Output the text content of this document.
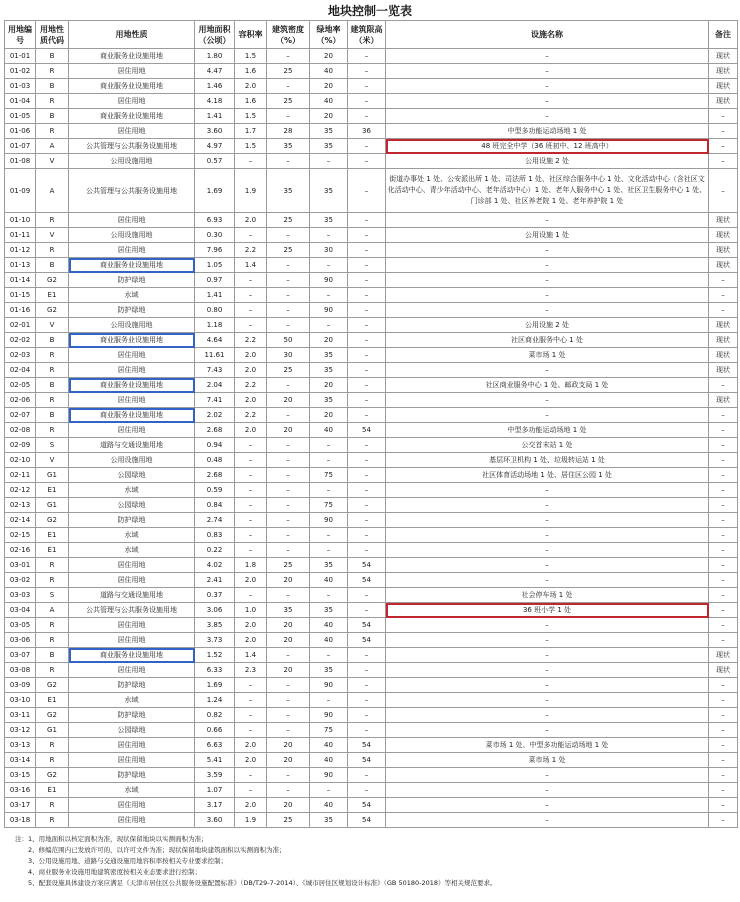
地块控制一览表
用地编号	用地性质代码	用地性质	用地面积（公顷）	容积率	建筑密度（%）	绿地率（%）	建筑限高（米）	设施名称	备注
01-01	B	商业服务业设施用地	1.80	1.5	–	20	–	–	现状
01-02	R	居住用地	4.47	1.6	25	40	–	–	现状
01-03	B	商业服务业设施用地	1.46	2.0	–	20	–	–	现状
01-04	R	居住用地	4.18	1.6	25	40	–	–	现状
01-05	B	商业服务业设施用地	1.41	1.5	–	20	–	–	–
01-06	R	居住用地	3.60	1.7	28	35	36	中型多功能运动场地 1 处	–
01-07	A	公共管理与公共服务设施用地	4.97	1.5	35	35	–	48 班完全中学（36 班初中、12 班高中）	–
01-08	V	公用设施用地	0.57	–	–	–	–	公用设施 2 处	–
01-09	A	公共管理与公共服务设施用地	1.69	1.9	35	35	–	街道办事处 1 处、公安派出所 1 处、司法所 1 处、社区综合服务中心 1 处、文化活动中心（含社区文化活动中心、青少年活动中心、老年活动中心）1 处、老年人服务中心 1 处、社区卫生服务中心 1 处、门诊部 1 处、社区养老院 1 处、老年养护院 1 处	–
01-10	R	居住用地	6.93	2.0	25	35	–	–	现状
01-11	V	公用设施用地	0.30	–	–	–	–	公用设施 1 处	现状
01-12	R	居住用地	7.96	2.2	25	30	–	–	现状
01-13	B	商业服务业设施用地	1.05	1.4	–	–	–	–	现状
01-14	G2	防护绿地	0.97	–	–	90	–	–	–
01-15	E1	水域	1.41	–	–	–	–	–	–
01-16	G2	防护绿地	0.80	–	–	90	–	–	–
02-01	V	公用设施用地	1.18	–	–	–	–	公用设施 2 处	现状
02-02	B	商业服务业设施用地	4.64	2.2	50	20	–	社区商业服务中心 1 处	现状
02-03	R	居住用地	11.61	2.0	30	35	–	菜市场 1 处	现状
02-04	R	居住用地	7.43	2.0	25	35	–	–	现状
02-05	B	商业服务业设施用地	2.04	2.2	–	20	–	社区商业服务中心 1 处、邮政支局 1 处	–
02-06	R	居住用地	7.41	2.0	20	35	–	–	现状
02-07	B	商业服务业设施用地	2.02	2.2	–	20	–	–	–
02-08	R	居住用地	2.68	2.0	20	40	54	中型多功能运动场地 1 处	–
02-09	S	道路与交通设施用地	0.94	–	–	–	–	公交首末站 1 处	–
02-10	V	公用设施用地	0.48	–	–	–	–	基层环卫机构 1 处、垃圾转运站 1 处	–
02-11	G1	公园绿地	2.68	–	–	75	–	社区体育活动场地 1 处、居住区公园 1 处	–
02-12	E1	水域	0.59	–	–	–	–	–	–
02-13	G1	公园绿地	0.84	–	–	75	–	–	–
02-14	G2	防护绿地	2.74	–	–	90	–	–	–
02-15	E1	水域	0.83	–	–	–	–	–	–
02-16	E1	水域	0.22	–	–	–	–	–	–
03-01	R	居住用地	4.02	1.8	25	35	54	–	–
03-02	R	居住用地	2.41	2.0	20	40	54	–	–
03-03	S	道路与交通设施用地	0.37	–	–	–	–	社会停车场 1 处	–
03-04	A	公共管理与公共服务设施用地	3.06	1.0	35	35	–	36 班小学 1 处	–
03-05	R	居住用地	3.85	2.0	20	40	54	–	–
03-06	R	居住用地	3.73	2.0	20	40	54	–	–
03-07	B	商业服务业设施用地	1.52	1.4	–	–	–	–	现状
03-08	R	居住用地	6.33	2.3	20	35	–	–	现状
03-09	G2	防护绿地	1.69	–	–	90	–	–	–
03-10	E1	水域	1.24	–	–	–	–	–	–
03-11	G2	防护绿地	0.82	–	–	90	–	–	–
03-12	G1	公园绿地	0.66	–	–	75	–	–	–
03-13	R	居住用地	6.63	2.0	20	40	54	菜市场 1 处、中型多功能运动场地 1 处	–
03-14	R	居住用地	5.41	2.0	20	40	54	菜市场 1 处	–
03-15	G2	防护绿地	3.59	–	–	90	–	–	–
03-16	E1	水域	1.07	–	–	–	–	–	–
03-17	R	居住用地	3.17	2.0	20	40	54	–	–
03-18	R	居住用地	3.60	1.9	25	35	54	–	–
注：1、用地面积以核定面积为准，现状保留地块以实测面积为准；
2、修编范围内已发放许可的，以许可文件为准；现状保留地块建筑面积以实测面积为准；
3、公用设施用地、道路与交通设施用地容积率按相关专业要求控制；
4、商业服务业设施用地建筑密度按相关业态要求进行控制；
5、配套设施具体建设方案应满足《天津市居住区公共服务设施配置标准》（DB/T29-7-2014）、《城市居住区规划设计标准》（GB 50180-2018）等相关规范要求。
